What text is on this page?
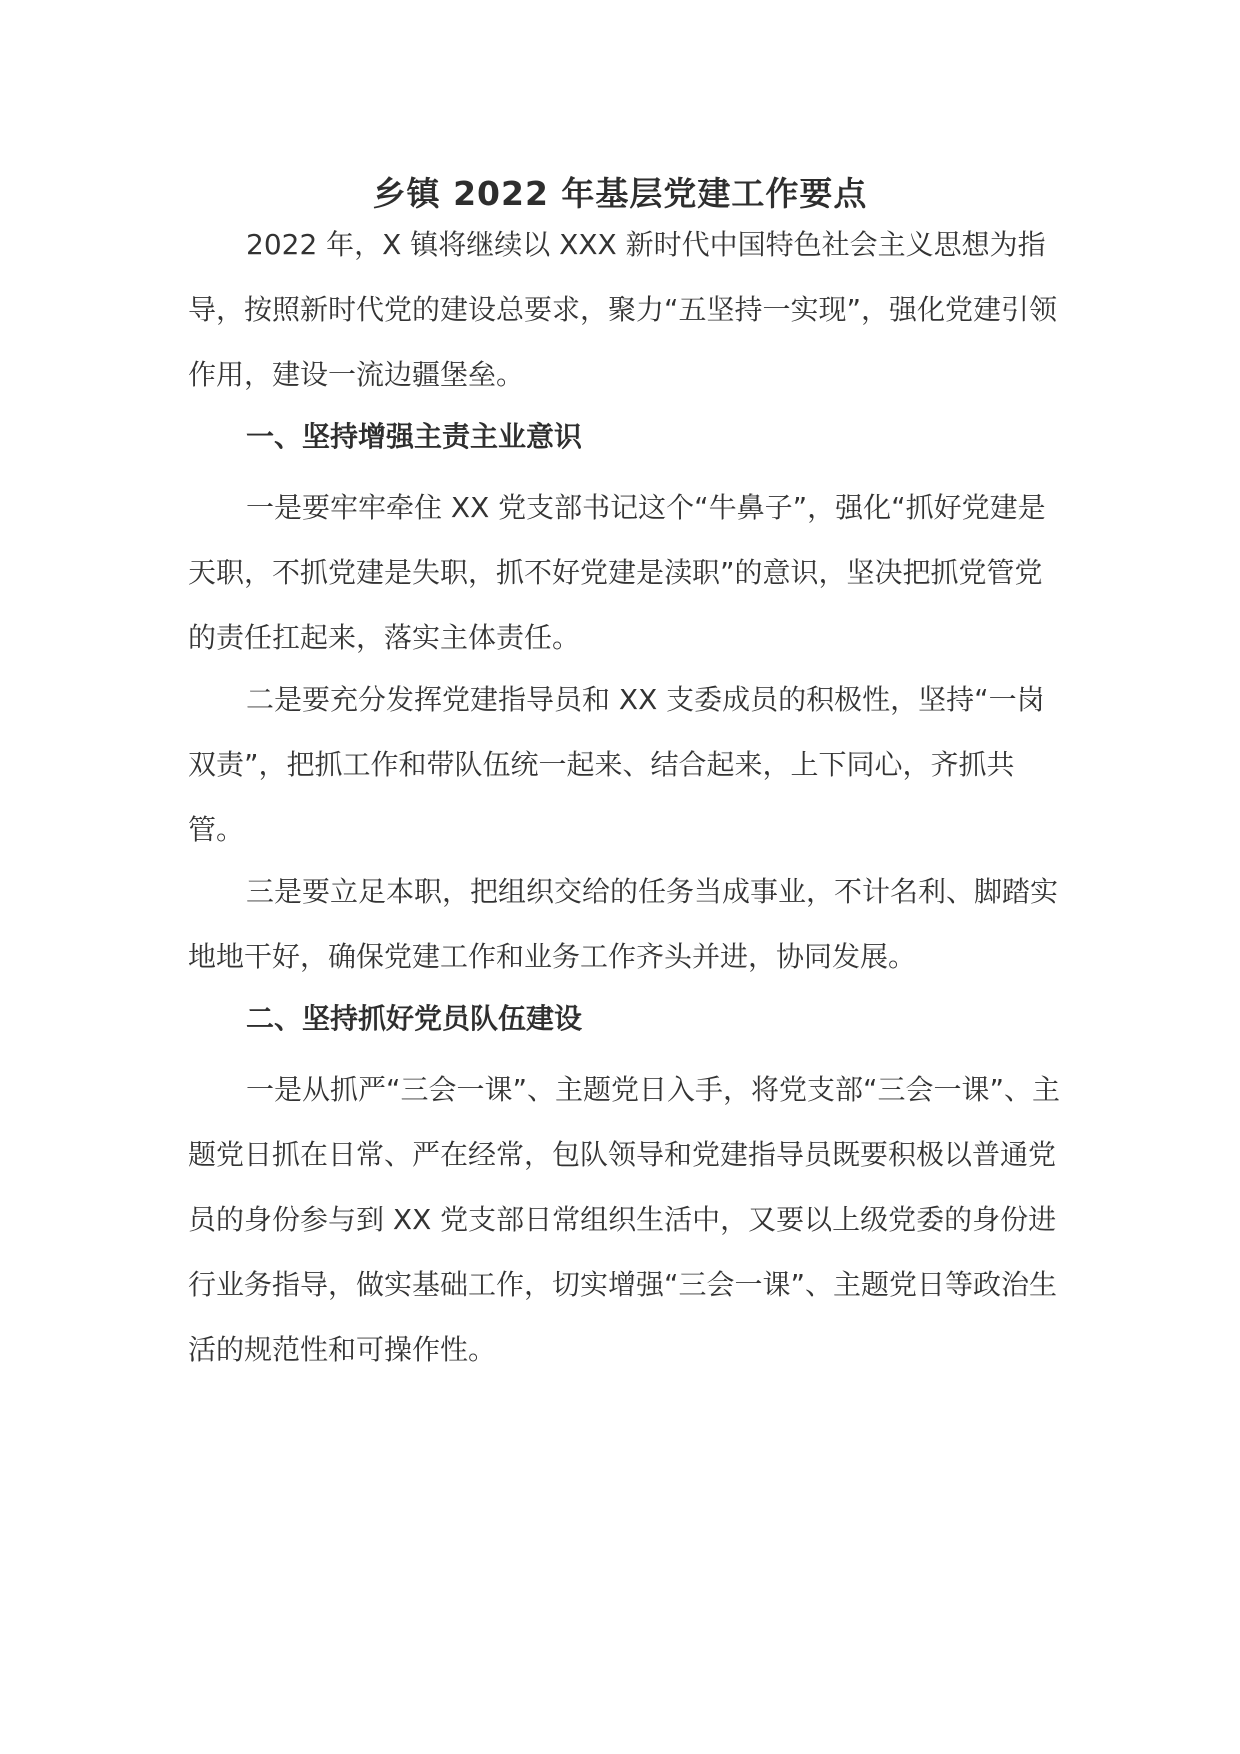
乡镇 2022 年基层党建工作要点

2022 年，X 镇将继续以 XXX 新时代中国特色社会主义思想为指导，按照新时代党的建设总要求，聚力“五坚持一实现”，强化党建引领作用，建设一流边疆堡垒。

一、坚持增强主责主业意识

一是要牢牢牵住 XX 党支部书记这个“牛鼻子”，强化“抓好党建是天职，不抓党建是失职，抓不好党建是渎职”的意识，坚决把抓党管党的责任扛起来，落实主体责任。

二是要充分发挥党建指导员和 XX 支委成员的积极性，坚持“一岗双责”，把抓工作和带队伍统一起来、结合起来，上下同心，齐抓共管。

三是要立足本职，把组织交给的任务当成事业，不计名利、脚踏实地地干好，确保党建工作和业务工作齐头并进，协同发展。

二、坚持抓好党员队伍建设

一是从抓严“三会一课”、主题党日入手，将党支部“三会一课”、主题党日抓在日常、严在经常，包队领导和党建指导员既要积极以普通党员的身份参与到 XX 党支部日常组织生活中，又要以上级党委的身份进行业务指导，做实基础工作，切实增强“三会一课”、主题党日等政治生活的规范性和可操作性。
